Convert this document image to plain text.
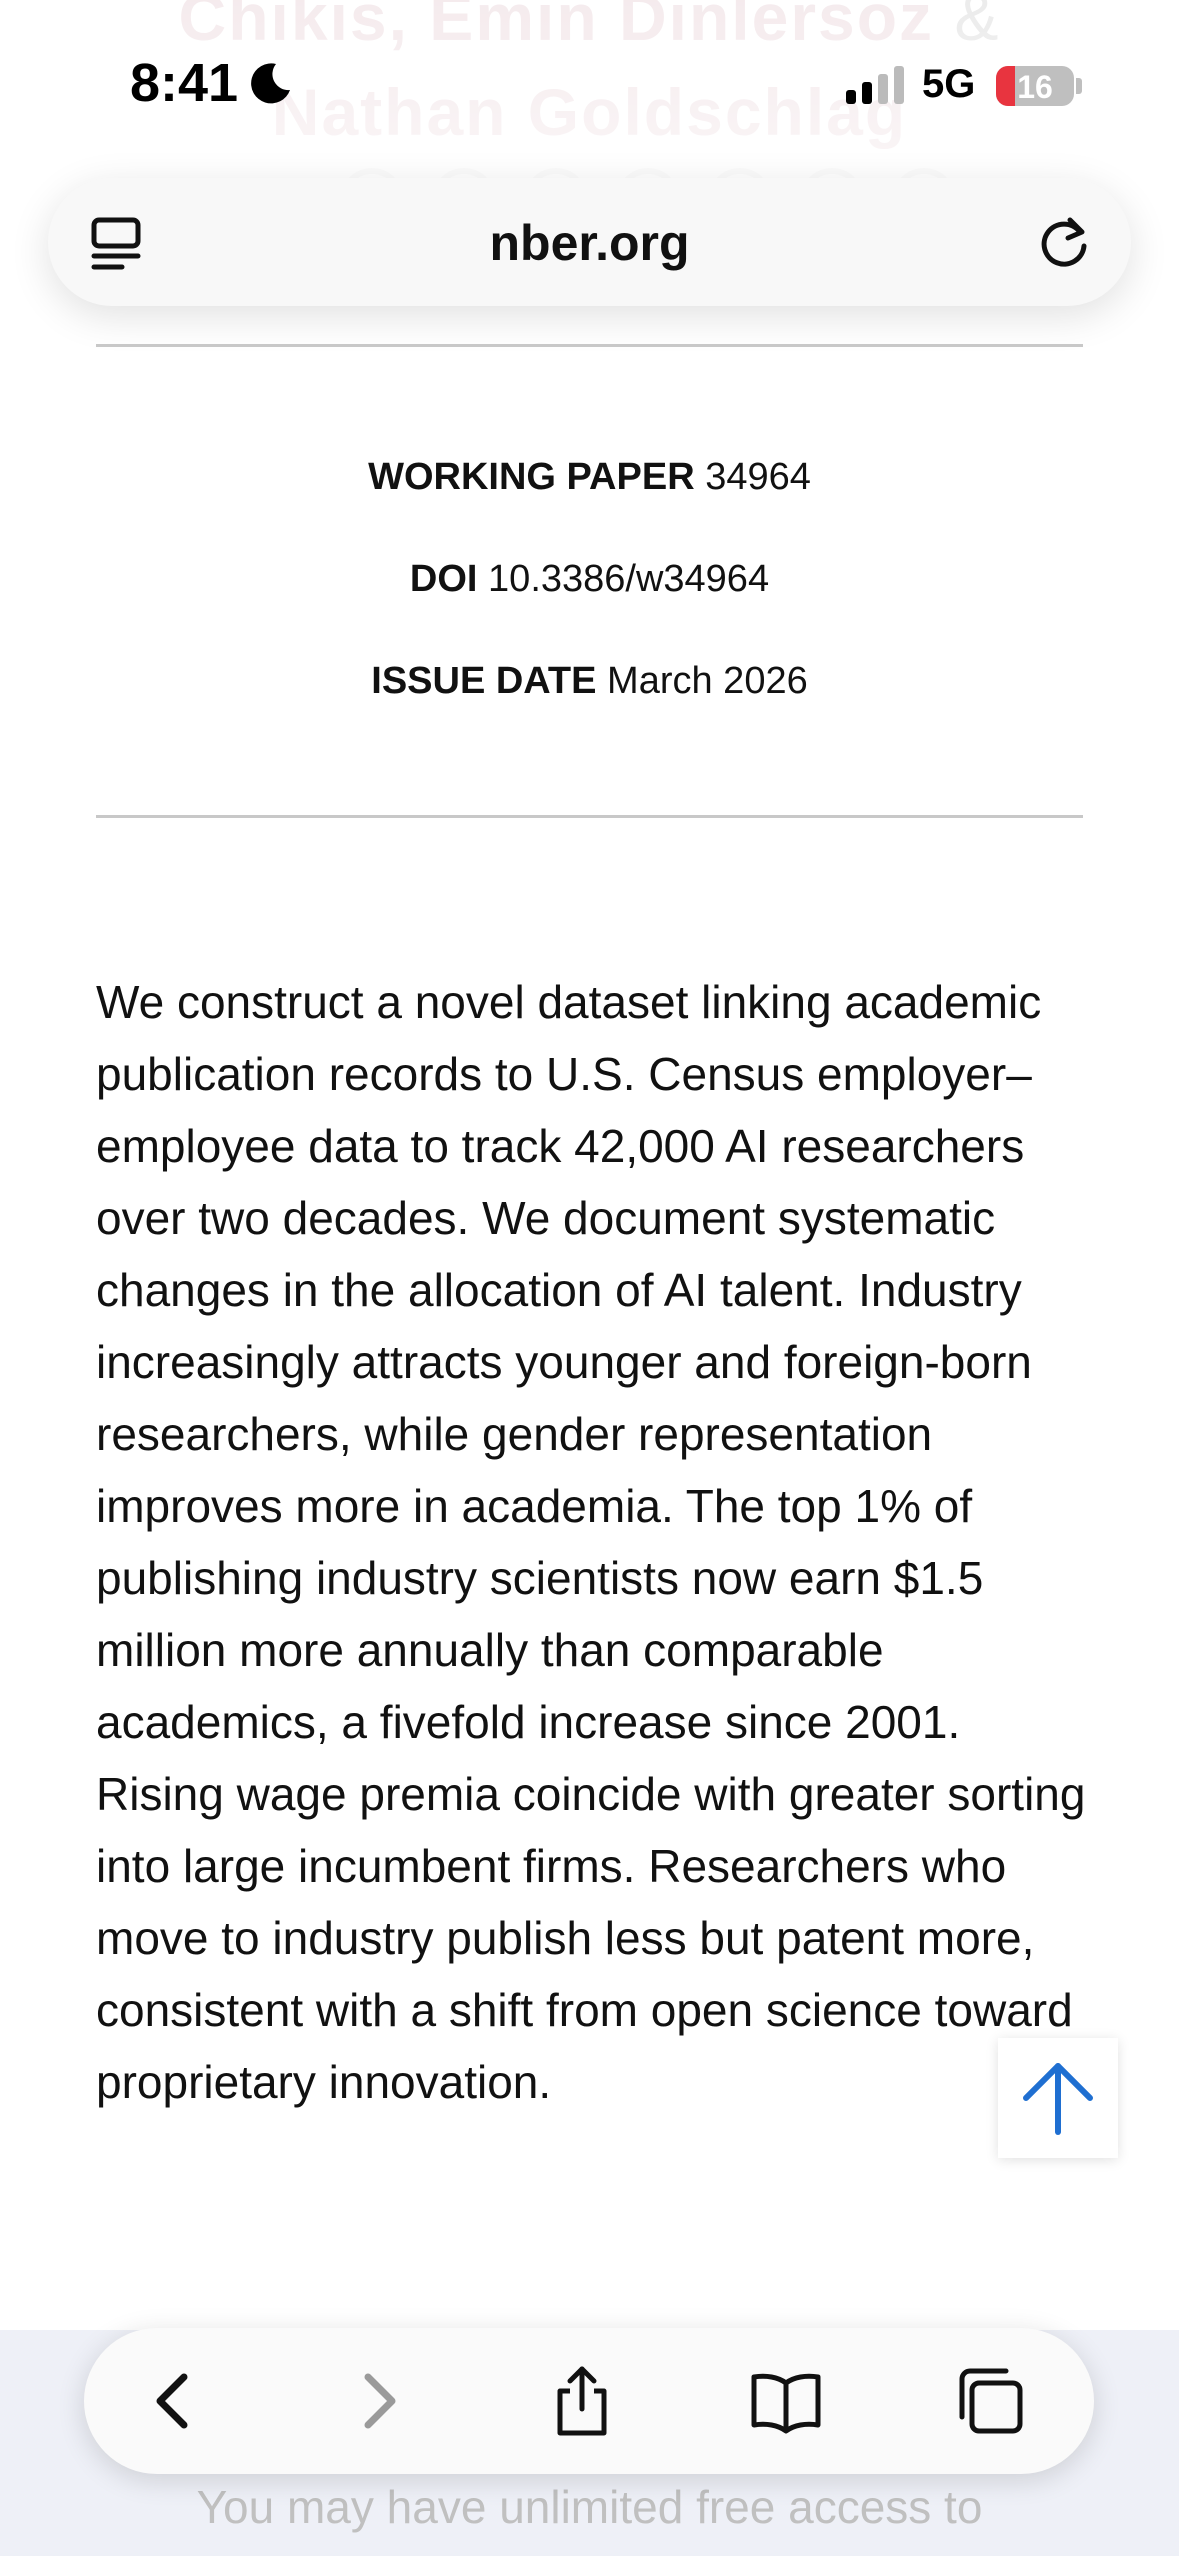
8:41	5G	16
nber.org
WORKING PAPER 34964
DOI 10.3386/w34964
ISSUE DATE March 2026
We construct a novel dataset linking academic publication records to U.S. Census employer–employee data to track 42,000 AI researchers over two decades. We document systematic changes in the allocation of AI talent. Industry increasingly attracts younger and foreign-born researchers, while gender representation improves more in academia. The top 1% of publishing industry scientists now earn $1.5 million more annually than comparable academics, a fivefold increase since 2001. Rising wage premia coincide with greater sorting into large incumbent firms. Researchers who move to industry publish less but patent more, consistent with a shift from open science toward proprietary innovation.
You may have unlimited free access to
